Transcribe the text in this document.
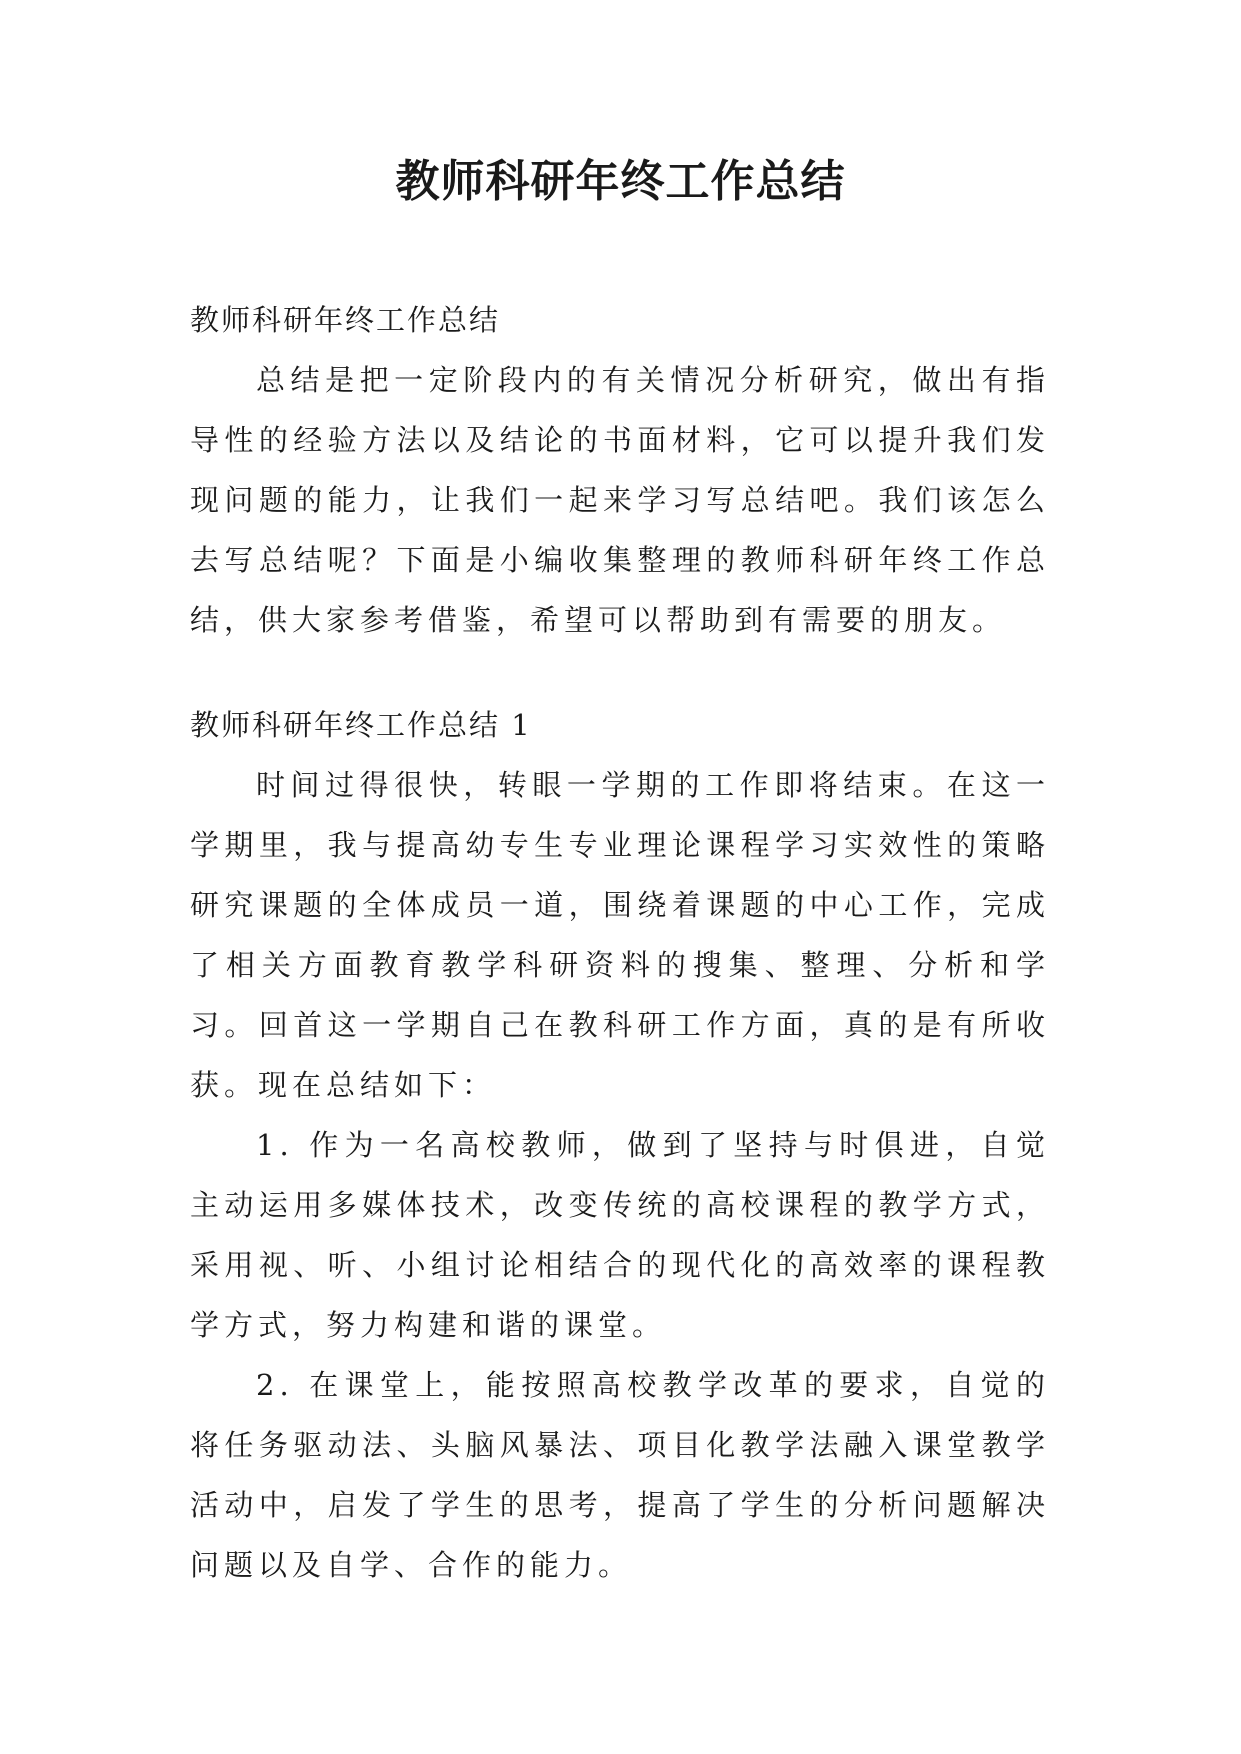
教师科研年终工作总结

教师科研年终工作总结

总结是把一定阶段内的有关情况分析研究，做出有指导性的经验方法以及结论的书面材料，它可以提升我们发现问题的能力，让我们一起来学习写总结吧。我们该怎么去写总结呢？下面是小编收集整理的教师科研年终工作总结，供大家参考借鉴，希望可以帮助到有需要的朋友。

教师科研年终工作总结 1

时间过得很快，转眼一学期的工作即将结束。在这一学期里，我与提高幼专生专业理论课程学习实效性的策略研究课题的全体成员一道，围绕着课题的中心工作，完成了相关方面教育教学科研资料的搜集、整理、分析和学习。回首这一学期自己在教科研工作方面，真的是有所收获。现在总结如下：

1. 作为一名高校教师，做到了坚持与时俱进，自觉主动运用多媒体技术，改变传统的高校课程的教学方式，采用视、听、小组讨论相结合的现代化的高效率的课程教学方式，努力构建和谐的课堂。

2. 在课堂上，能按照高校教学改革的要求，自觉的将任务驱动法、头脑风暴法、项目化教学法融入课堂教学活动中，启发了学生的思考，提高了学生的分析问题解决问题以及自学、合作的能力。
